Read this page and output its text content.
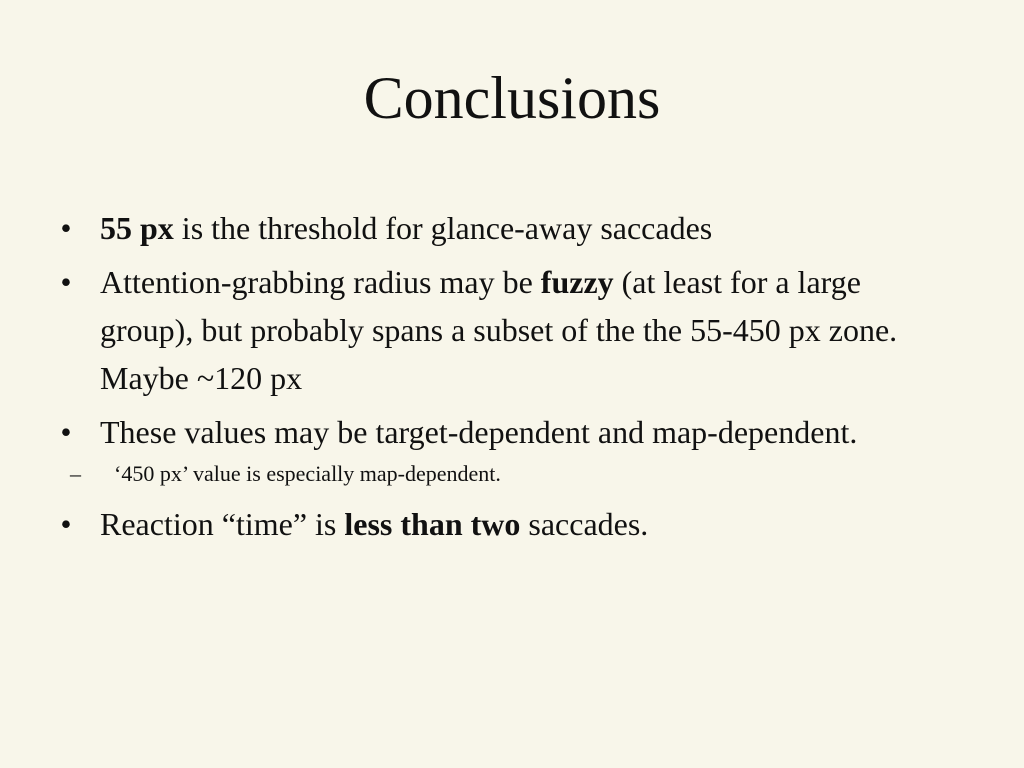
Conclusions
• 55 px is the threshold for glance-away saccades
• Attention-grabbing radius may be fuzzy (at least for a large group), but probably spans a subset of the the 55-450 px zone. Maybe ~120 px
• These values may be target-dependent and map-dependent.
– ‘450 px’ value is especially map-dependent.
• Reaction “time” is less than two saccades.
